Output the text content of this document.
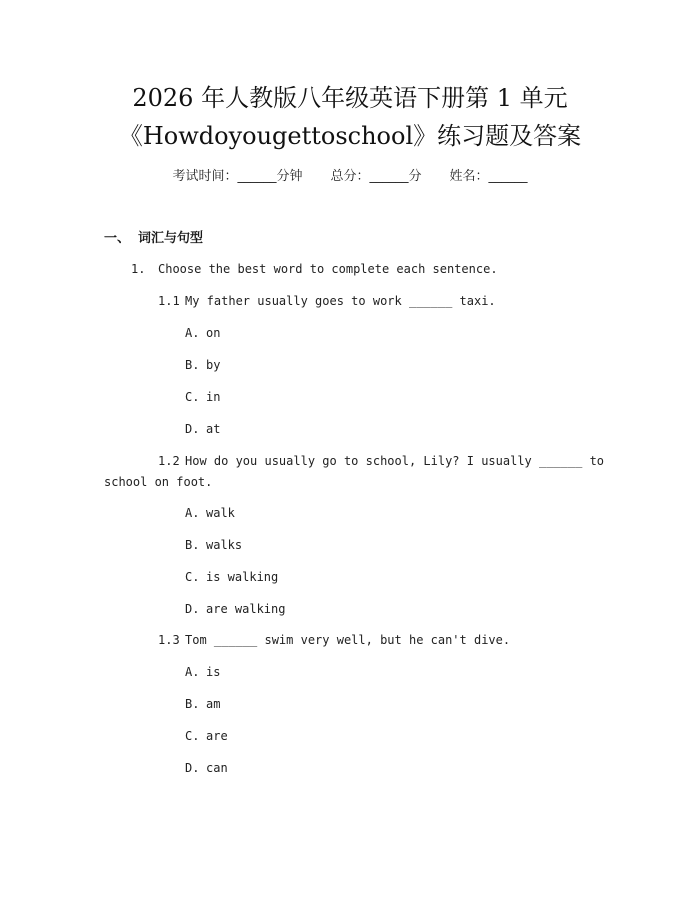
2026 年人教版八年级英语下册第 1 单元
《Howdoyougettoschool》练习题及答案
考试时间：______分钟 总分：______分 姓名：______
一、 词汇与句型
1. Choose the best word to complete each sentence.
1.1 My father usually goes to work ______ taxi.
A. on
B. by
C. in
D. at
1.2 How do you usually go to school, Lily? I usually ______ to
school on foot.
A. walk
B. walks
C. is walking
D. are walking
1.3 Tom ______ swim very well, but he can't dive.
A. is
B. am
C. are
D. can
